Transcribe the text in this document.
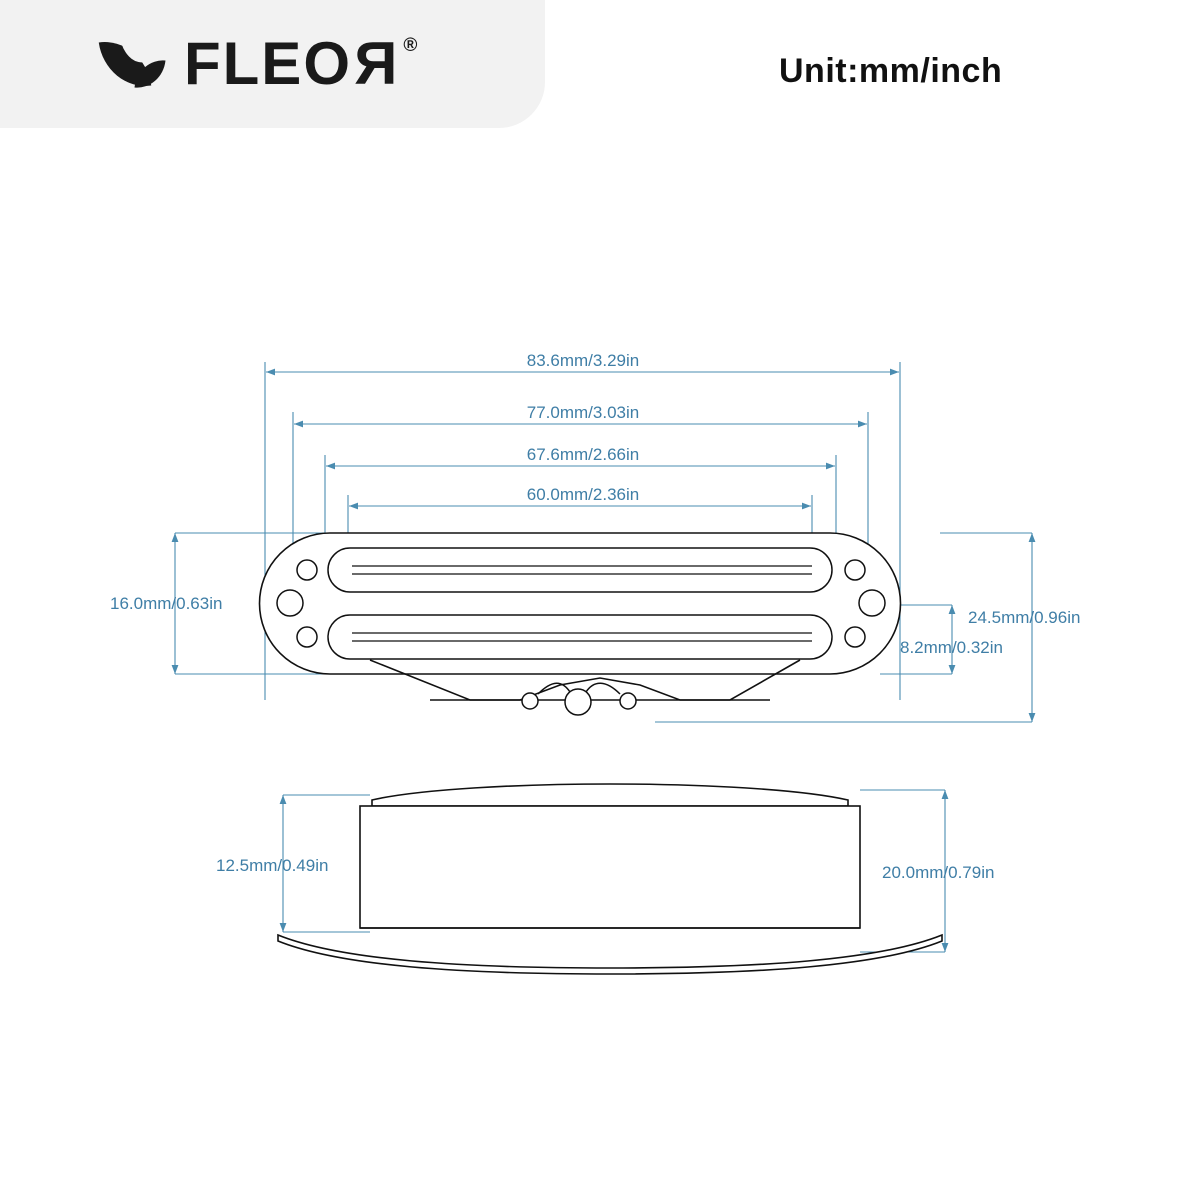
FLEOR ®
Unit:mm/inch
83.6mm/3.29in
77.0mm/3.03in
67.6mm/2.66in
60.0mm/2.36in
16.0mm/0.63in
24.5mm/0.96in
8.2mm/0.32in
12.5mm/0.49in	20.0mm/0.79in
